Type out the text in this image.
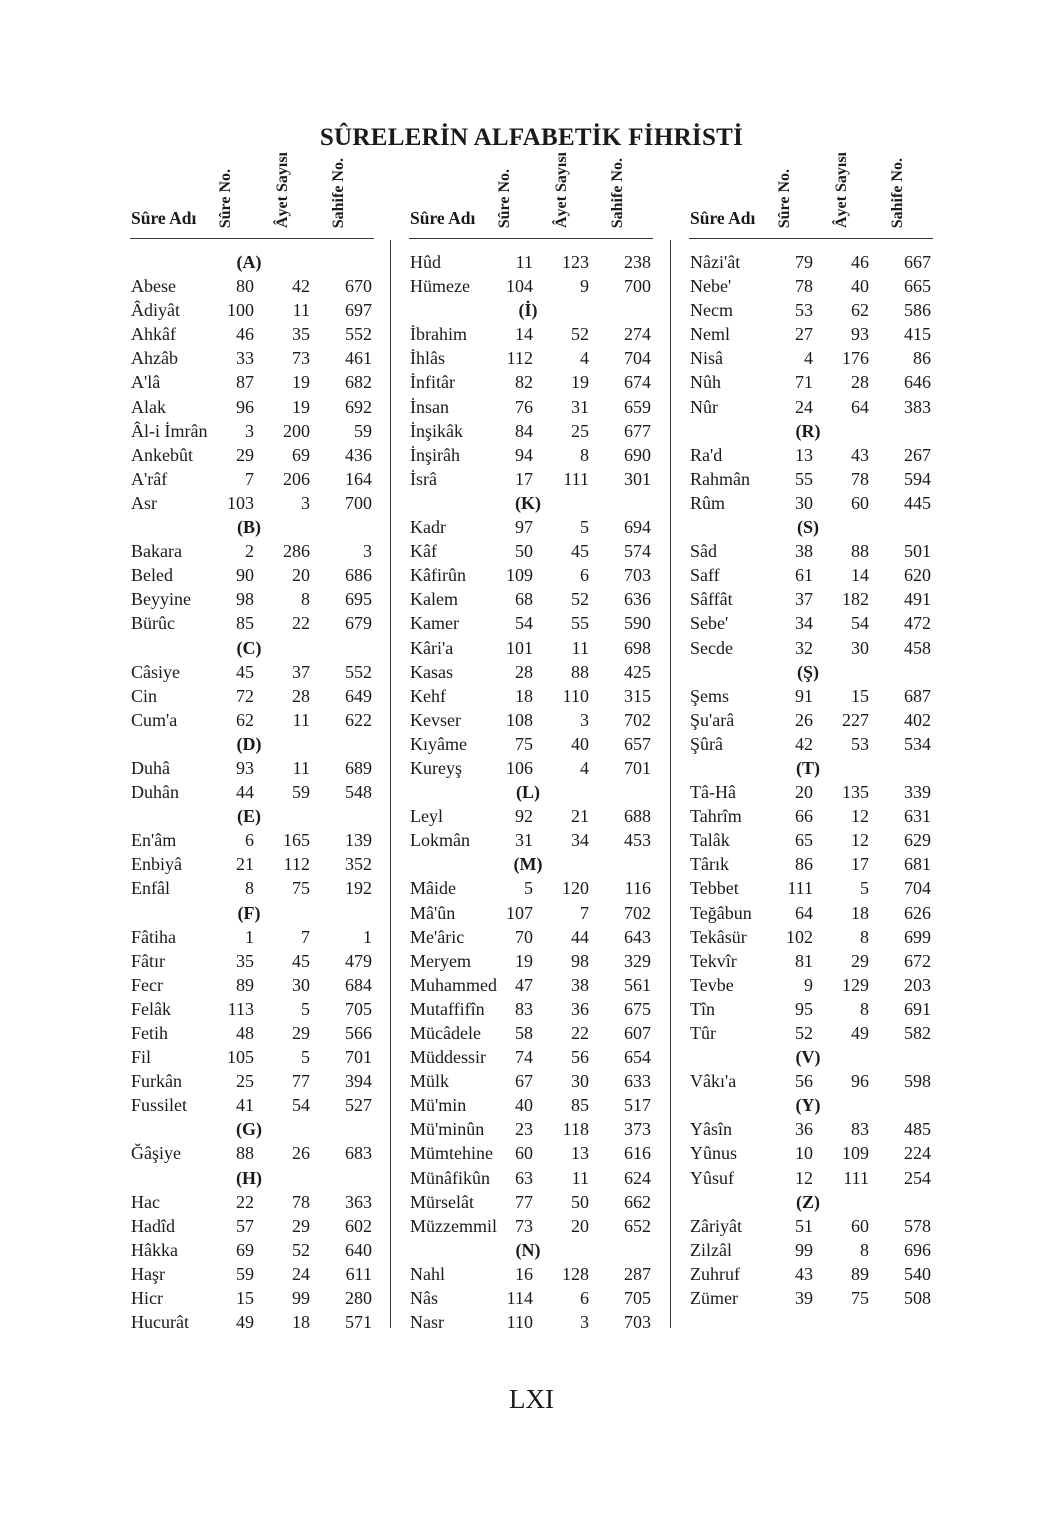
SÛRELERİN ALFABETİK FİHRİSTİ
Sûre Adı Sûre No.	Âyet Sayısı Sahife No.
(A)
Abese	80 42 670
Âdiyât	100 11 697
Ahkâf	46 35 552
Ahzâb	33 73 461
A'lâ	87 19 682
Alak	96 19 692
Âl-i İmrân 3 200 59
Ankebût 29 69 436
A'râf	7 206 164
Asr	103	3 700
(B)
Bakara	2 286	3
Beled	90 20 686
Beyyine	98	8 695
Bürûc	85 22 679
(C)
Câsiye	45 37 552
Cin	72 28 649
Cum'a	62 11 622
(D)
Duhâ	93 11 689
Duhân	44 59 548
(E)
En'âm	6 165 139
Enbiyâ	21 112 352
Enfâl	8 75 192
(F)
Fâtiha	1	7	1
Fâtır	35 45 479
Fecr	89 30 684
Felâk	113	5 705
Fetih	48 29 566
Fil	105	5 701
Furkân	25 77 394
Fussilet	41 54 527
(G)
Ğâşiye	88 26 683
(H)
Hac	22 78 363
Hadîd	57 29 602
Hâkka	69 52 640
Haşr	59 24 611
Hicr	15 99 280
Hucurât	49 18 571
Sûre Adı Sûre No.	Âyet Sayısı Sahife No.
Hûd	11 123 238
Hümeze 104	9 700
(İ)
İbrahim	14 52 274
İhlâs	112	4 704
İnfitâr	82 19 674
İnsan	76 31 659
İnşikâk	84 25 677
İnşirâh	94	8 690
İsrâ	17 111 301
(K)
Kadr	97	5 694
Kâf	50 45 574
Kâfirûn 109	6 703
Kalem	68 52 636
Kamer	54 55 590
Kâri'a	101 11 698
Kasas	28 88 425
Kehf	18 110 315
Kevser	108	3 702
Kıyâme	75 40 657
Kureyş 106	4 701
(L)
Leyl	92 21 688
Lokmân	31 34 453
(M)
Mâide	5 120 116
Mâ'ûn	107	7 702
Me'âric	70 44 643
Meryem 19 98 329
Muhammed 47 38 561
Mutaffifîn 83 36 675
Mücâdele 58 22 607
Müddessir 74 56 654
Mülk	67 30 633
Mü'min	40 85 517
Mü'minûn 23 118 373
Mümtehine 60 13 616
Münâfikûn 63 11 624
Mürselât 77 50 662
Müzzemmil 73 20 652
(N)
Nahl	16 128 287
Nâs	114	6 705
Nasr	110	3 703
Sûre Adı Sûre No.	Âyet Sayısı Sahife No.
Nâzi'ât	79 46 667
Nebe'	78 40 665
Necm	53 62 586
Neml	27 93 415
Nisâ	4 176 86
Nûh	71 28 646
Nûr	24 64 383
(R)
Ra'd	13 43 267
Rahmân	55 78 594
Rûm	30 60 445
(S)
Sâd	38 88 501
Saff	61 14 620
Sâffât	37 182 491
Sebe'	34 54 472
Secde	32 30 458
(Ş)
Şems	91 15 687
Şu'arâ	26 227 402
Şûrâ	42 53 534
(T)
Tâ-Hâ	20 135 339
Tahrîm	66 12 631
Talâk	65 12 629
Târık	86 17 681
Tebbet	111	5 704
Teğâbun 64 18 626
Tekâsür 102	8 699
Tekvîr	81 29 672
Tevbe	9 129 203
Tîn	95	8 691
Tûr	52 49 582
(V)
Vâkı'a	56 96 598
(Y)
Yâsîn	36 83 485
Yûnus	10 109 224
Yûsuf	12 111 254
(Z)
Zâriyât	51 60 578
Zilzâl	99	8 696
Zuhruf	43 89 540
Zümer	39 75 508
LXI
